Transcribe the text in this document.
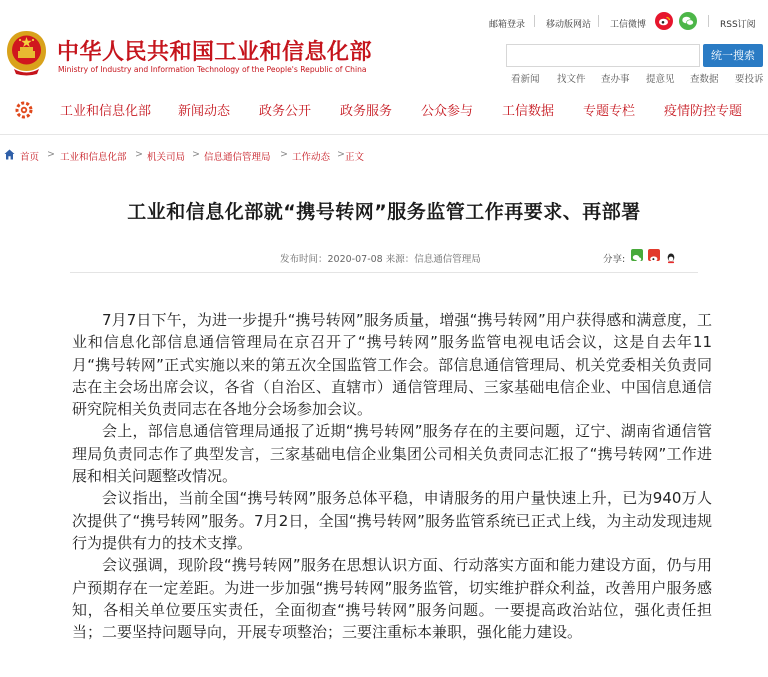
邮箱登录 移动版网站 工信微博	RSS订阅
中华人民共和国工业和信息化部
Ministry of Industry and Information Technology of the People's Republic of China
统一搜索
看新闻 找文件 查办事 提意见 查数据 要投诉
工业和信息化部 新闻动态 政务公开 政务服务 公众参与 工信数据 专题专栏 疫情防控专题
首页 > 工业和信息化部 > 机关司局 > 信息通信管理局 > 工作动态 > 正文
工业和信息化部就“携号转网”服务监管工作再要求、再部署
发布时间：2020-07-08 来源：信息通信管理局	分享:

7月7日下午，为进一步提升“携号转网”服务质量，增强“携号转网”用户获得感和满意度，工业和信息化部信息通信管理局在京召开了“携号转网”服务监管电视电话会议，这是自去年11月“携号转网”正式实施以来的第五次全国监管工作会。部信息通信管理局、机关党委相关负责同志在主会场出席会议，各省（自治区、直辖市）通信管理局、三家基础电信企业、中国信息通信研究院相关负责同志在各地分会场参加会议。

会上，部信息通信管理局通报了近期“携号转网”服务存在的主要问题，辽宁、湖南省通信管理局负责同志作了典型发言，三家基础电信企业集团公司相关负责同志汇报了“携号转网”工作进展和相关问题整改情况。

会议指出，当前全国“携号转网”服务总体平稳，申请服务的用户量快速上升，已为940万人次提供了“携号转网”服务。7月2日，全国“携号转网”服务监管系统已正式上线，为主动发现违规行为提供有力的技术支撑。

会议强调，现阶段“携号转网”服务在思想认识方面、行动落实方面和能力建设方面，仍与用户预期存在一定差距。为进一步加强“携号转网”服务监管，切实维护群众利益，改善用户服务感知，各相关单位要压实责任，全面彻查“携号转网”服务问题。一要提高政治站位，强化责任担当；二要坚持问题导向，开展专项整治；三要注重标本兼职，强化能力建设。
